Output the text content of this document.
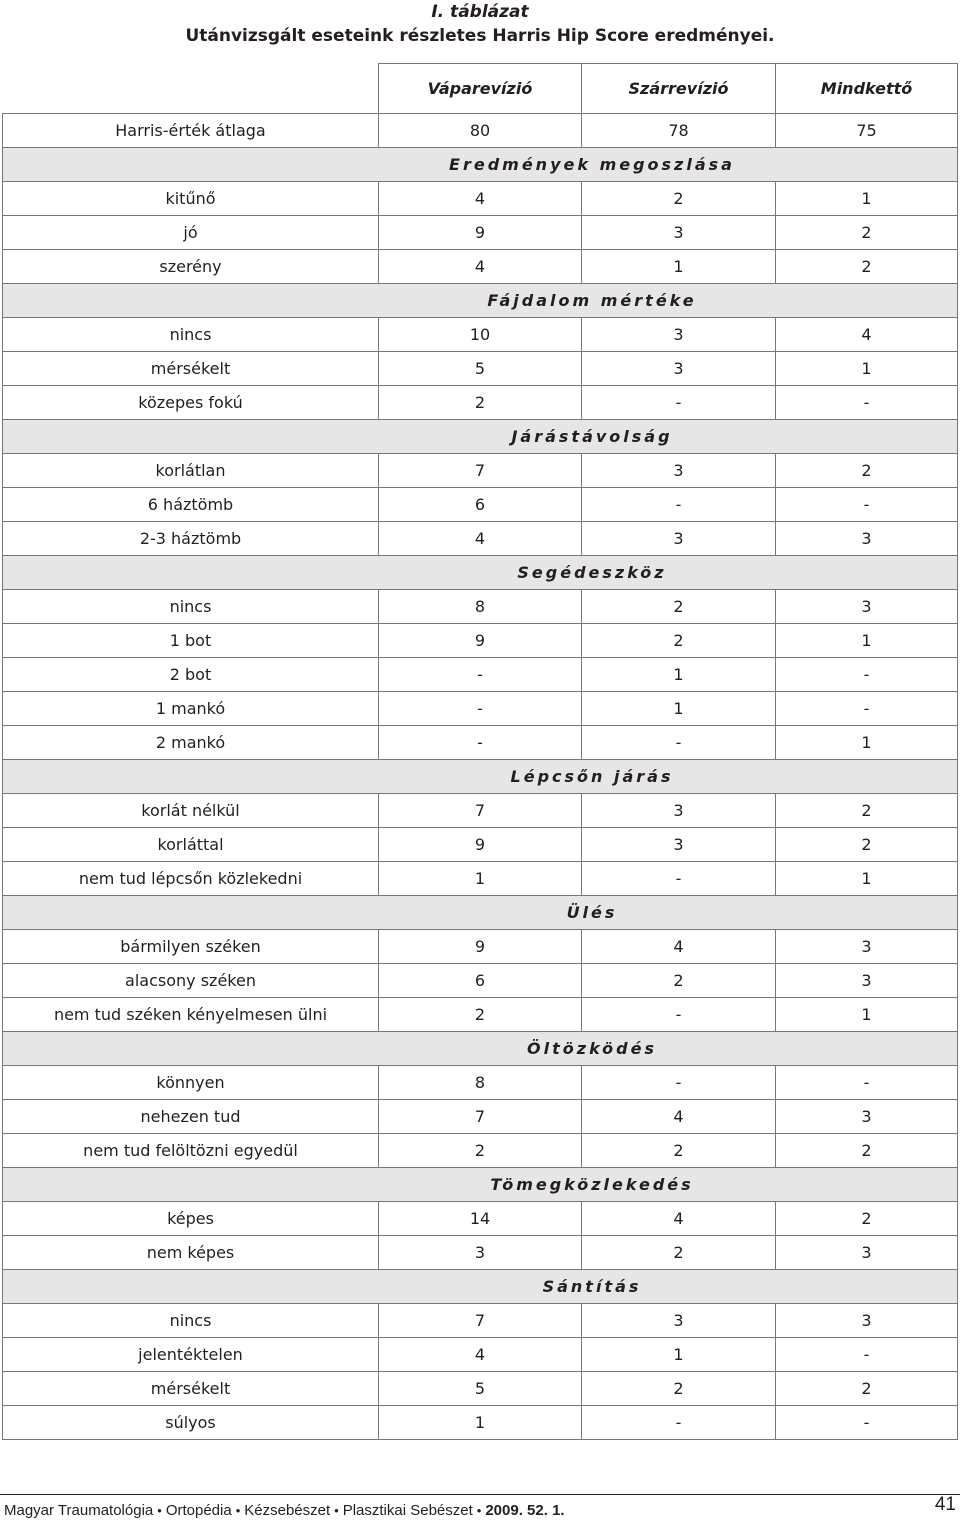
I. táblázat
Utánvizsgált eseteink részletes Harris Hip Score eredményei.
	Váparevízió	Szárrevízió	Mindkettő
Harris-érték átlaga	80	78	75
Eredmények megoszlása			
kitűnő	4	2	1
jó	9	3	2
szerény	4	1	2
Fájdalom mértéke			
nincs	10	3	4
mérsékelt	5	3	1
közepes fokú	2	-	-
Járástávolság			
korlátlan	7	3	2
6 háztömb	6	-	-
2-3 háztömb	4	3	3
Segédeszköz			
nincs	8	2	3
1 bot	9	2	1
2 bot	-	1	-
1 mankó	-	1	-
2 mankó	-	-	1
Lépcsőn járás			
korlát nélkül	7	3	2
korláttal	9	3	2
nem tud lépcsőn közlekedni	1	-	1
Ülés			
bármilyen széken	9	4	3
alacsony széken	6	2	3
nem tud széken kényelmesen ülni	2	-	1
Öltözködés			
könnyen	8	-	-
nehezen tud	7	4	3
nem tud felöltözni egyedül	2	2	2
Tömegközlekedés			
képes	14	4	2
nem képes	3	2	3
Sántítás			
nincs	7	3	3
jelentéktelen	4	1	-
mérsékelt	5	2	2
súlyos	1	-	-
Magyar Traumatológia • Ortopédia • Kézsebészet • Plasztikai Sebészet • 2009. 52. 1.	41
